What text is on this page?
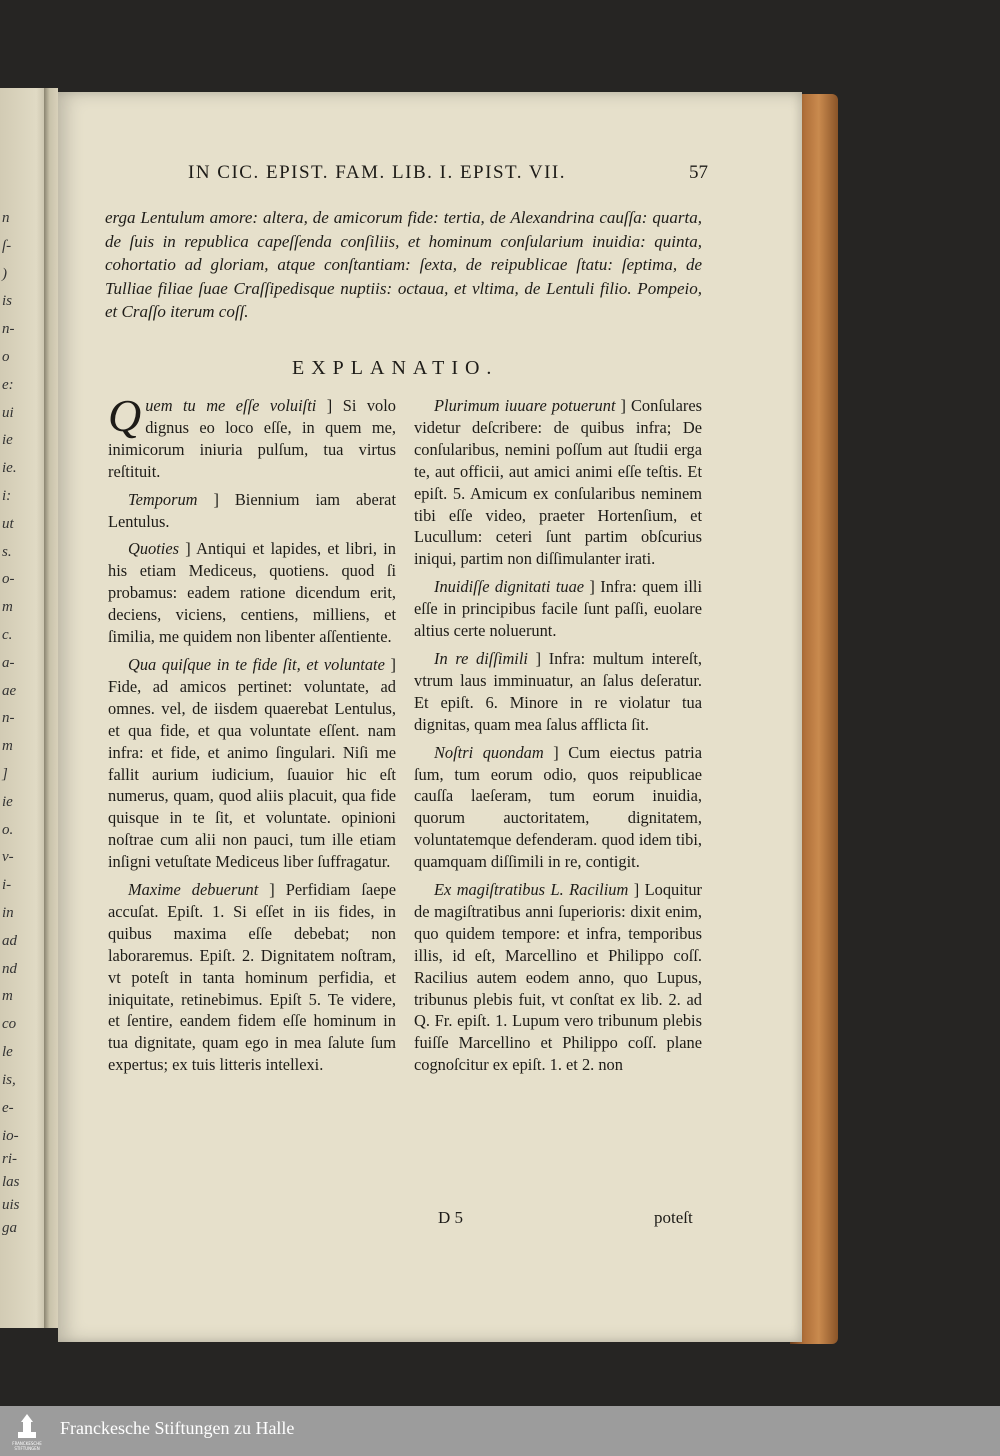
n
ſ-
)
is
n-
o
e:
ui
ie
ie.
i:
ut
s.
o-
m
c.
a-
ae
n-
m
]
ie
o.
v-
i-
in
ad
nd
m
co
le
is,
e-
io-
ri-
las
uis
ga
IN CIC. EPIST. FAM. LIB. I. EPIST. VII.	57
erga Lentulum amore: altera, de amicorum fide: tertia, de Alexandrina cauſſa: quarta, de ſuis in republica capeſſenda conſiliis, et hominum conſularium inuidia: quinta, cohortatio ad gloriam, atque conſtantiam: ſexta, de reipublicae ſtatu: ſeptima, de Tulliae filiae ſuae Craſſipedisque nuptiis: octaua, et vltima, de Lentuli filio. Pompeio, et Craſſo iterum coſſ.
EXPLANATIO.

Quem tu me eſſe voluiſti ] Si volo dignus eo loco eſſe, in quem me, inimicorum iniuria pulſum, tua virtus reſtituit.

Temporum ] Biennium iam aberat Lentulus.

Quoties ] Antiqui et lapides, et libri, in his etiam Mediceus, quotiens. quod ſi probamus: eadem ratione dicendum erit, deciens, viciens, centiens, milliens, et ſimilia, me quidem non libenter aſſentiente.

Qua quiſque in te fide ſit, et voluntate ] Fide, ad amicos pertinet: voluntate, ad omnes. vel, de iisdem quaerebat Lentulus, et qua fide, et qua voluntate eſſent. nam infra: et fide, et animo ſingulari. Niſi me fallit aurium iudicium, ſuauior hic eſt numerus, quam, quod aliis placuit, qua fide quisque in te ſit, et voluntate. opinioni noſtrae cum alii non pauci, tum ille etiam inſigni vetuſtate Mediceus liber ſuffragatur.

Maxime debuerunt ] Perfidiam ſaepe accuſat. Epiſt. 1. Si eſſet in iis fides, in quibus maxima eſſe debebat; non laboraremus. Epiſt. 2. Dignitatem noſtram, vt poteſt in tanta hominum perfidia, et iniquitate, retinebimus. Epiſt 5. Te videre, et ſentire, eandem fidem eſſe hominum in tua dignitate, quam ego in mea ſalute ſum expertus; ex tuis litteris intellexi.

Plurimum iuuare potuerunt ] Conſulares videtur deſcribere: de quibus infra; De conſularibus, nemini poſſum aut ſtudii erga te, aut officii, aut amici animi eſſe teſtis. Et epiſt. 5. Amicum ex conſularibus neminem tibi eſſe video, praeter Hortenſium, et Lucullum: ceteri ſunt partim obſcurius iniqui, partim non diſſimulanter irati.

Inuidiſſe dignitati tuae ] Infra: quem illi eſſe in principibus facile ſunt paſſi, euolare altius certe noluerunt.

In re diſſimili ] Infra: multum intereſt, vtrum laus imminuatur, an ſalus deſeratur. Et epiſt. 6. Minore in re violatur tua dignitas, quam mea ſalus afflicta ſit.

Noſtri quondam ] Cum eiectus patria ſum, tum eorum odio, quos reipublicae cauſſa laeſeram, tum eorum inuidia, quorum auctoritatem, dignitatem, voluntatemque defenderam. quod idem tibi, quamquam diſſimili in re, contigit.

Ex magiſtratibus L. Racilium ] Loquitur de magiſtratibus anni ſuperioris: dixit enim, quo quidem tempore: et infra, temporibus illis, id eſt, Marcellino et Philippo coſſ. Racilius autem eodem anno, quo Lupus, tribunus plebis fuit, vt conſtat ex lib. 2. ad Q. Fr. epiſt. 1. Lupum vero tribunum plebis fuiſſe Marcellino et Philippo coſſ. plane cognoſcitur ex epiſt. 1. et 2. non

D 5	poteſt
FRANCKESCHE
STIFTUNGEN
Franckesche Stiftungen zu Halle
